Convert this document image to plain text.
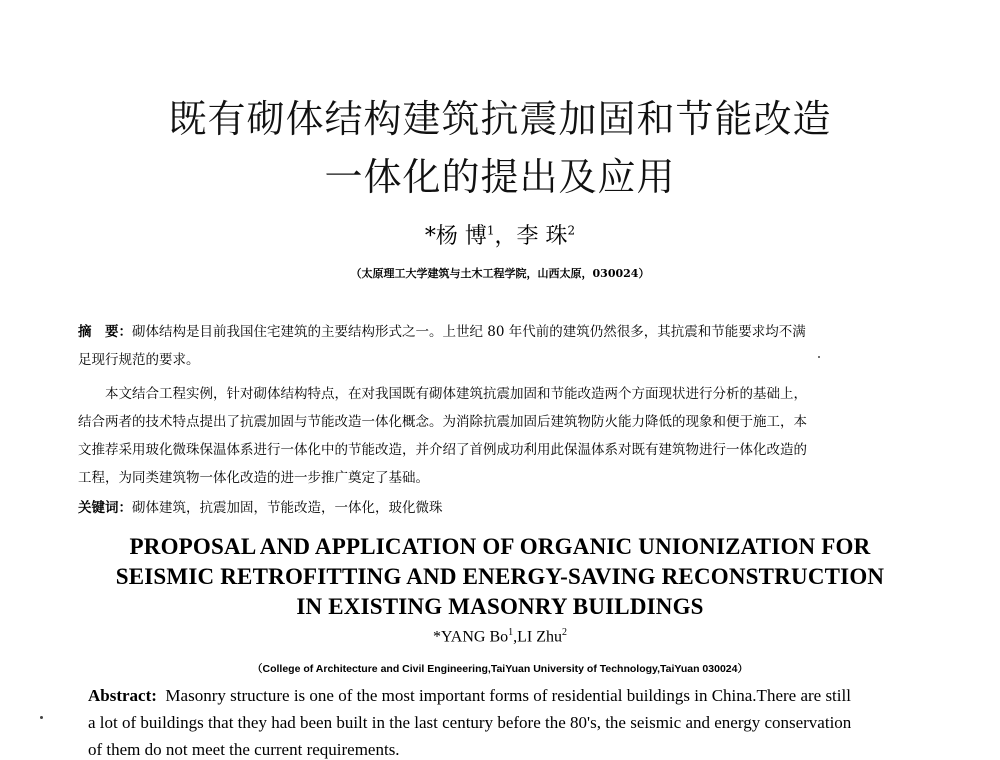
既有砌体结构建筑抗震加固和节能改造
一体化的提出及应用
*杨 博$^1$，李 珠$^2$
（太原理工大学建筑与土木工程学院，山西太原，030024）
摘　要：砌体结构是目前我国住宅建筑的主要结构形式之一。上世纪 80 年代前的建筑仍然很多，其抗震和节能要求均不满
足现行规范的要求。
　　本文结合工程实例，针对砌体结构特点，在对我国既有砌体建筑抗震加固和节能改造两个方面现状进行分析的基础上，
结合两者的技术特点提出了抗震加固与节能改造一体化概念。为消除抗震加固后建筑物防火能力降低的现象和便于施工，本
文推荐采用玻化微珠保温体系进行一体化中的节能改造，并介绍了首例成功利用此保温体系对既有建筑物进行一体化改造的
工程，为同类建筑物一体化改造的进一步推广奠定了基础。
关键词：砌体建筑，抗震加固，节能改造，一体化，玻化微珠
PROPOSAL AND APPLICATION OF ORGANIC UNIONIZATION FOR
SEISMIC RETROFITTING AND ENERGY-SAVING RECONSTRUCTION
IN EXISTING MASONRY BUILDINGS
*YANG Bo$^1$,LI Zhu$^2$
（College of Architecture and Civil Engineering,TaiYuan University of Technology,TaiYuan 030024）
Abstract:  Masonry structure is one of the most important forms of residential buildings in China.There are still
a lot of buildings that they had been built in the last century before the 80's, the seismic and energy conservation
of them do not meet the current requirements.
